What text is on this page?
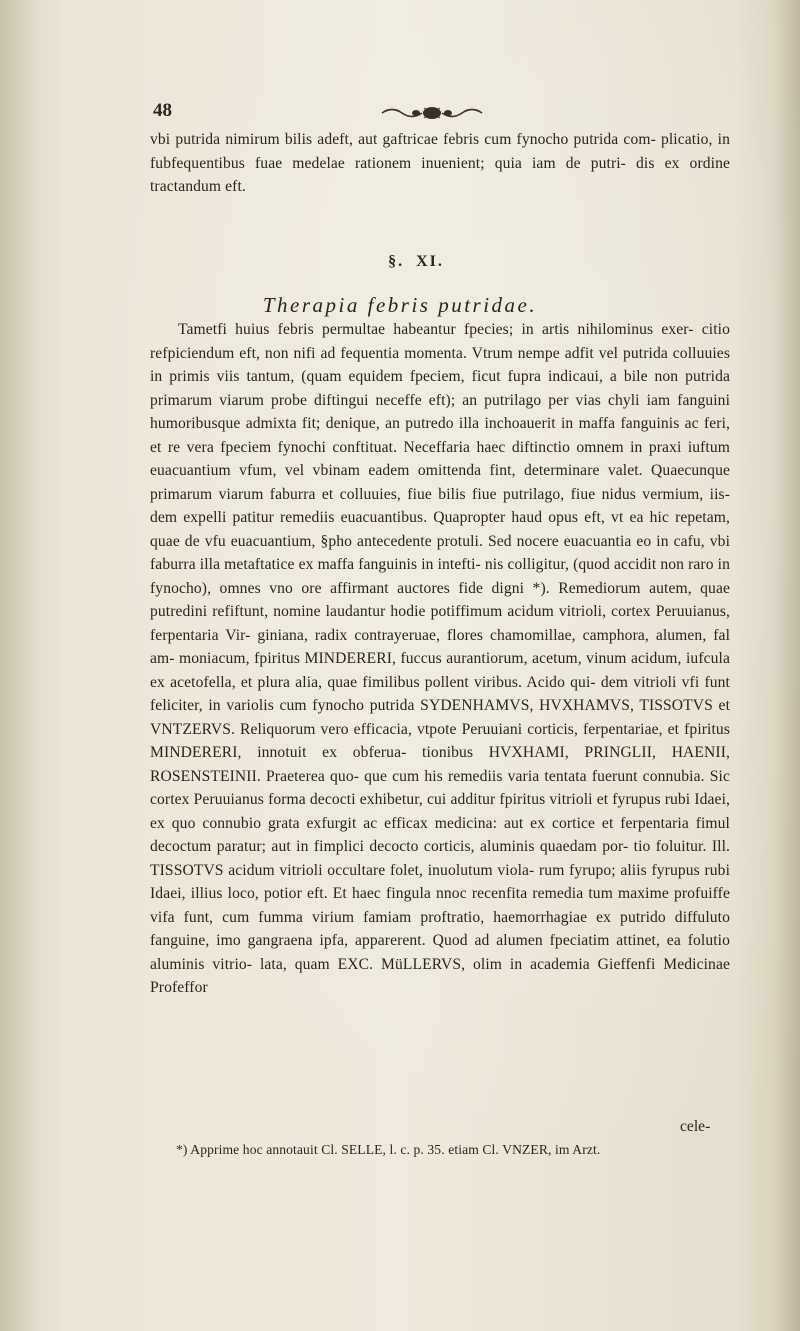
48
vbi putrida nimirum bilis adeft, aut gaftricae febris cum fynocho putrida com- plicatio, in fubfequentibus fuae medelae rationem inuenient; quia iam de putri- dis ex ordine tractandum eft.
§. XI.
Therapia febris putridae.
Tametfi huius febris permultae habeantur fpecies; in artis nihilominus exer- citio refpiciendum eft, non nifi ad fequentia momenta. Vtrum nempe adfit vel putrida colluuies in primis viis tantum, (quam equidem fpeciem, ficut fupra indicaui, a bile non putrida primarum viarum probe diftingui neceffe eft); an putrilago per vias chyli iam fanguini humoribusque admixta fit; denique, an putredo illa inchoauerit in maffa fanguinis ac feri, et re vera fpeciem fynochi conftituat. Neceffaria haec diftinctio omnem in praxi iuftum euacuantium vfum, vel vbinam eadem omittenda fint, determinare valet. Quaecunque primarum viarum faburra et colluuies, fiue bilis fiue putrilago, fiue nidus vermium, iis- dem expelli patitur remediis euacuantibus. Quapropter haud opus eft, vt ea hic repetam, quae de vfu euacuantium, §pho antecedente protuli. Sed nocere euacuantia eo in cafu, vbi faburra illa metaftatice ex maffa fanguinis in intefti- nis colligitur, (quod accidit non raro in fynocho), omnes vno ore affirmant auctores fide digni *). Remediorum autem, quae putredini refiftunt, nomine laudantur hodie potiffimum acidum vitrioli, cortex Peruuianus, ferpentaria Vir- giniana, radix contrayeruae, flores chamomillae, camphora, alumen, fal am- moniacum, fpiritus MINDERERI, fuccus aurantiorum, acetum, vinum acidum, iufcula ex acetofella, et plura alia, quae fimilibus pollent viribus. Acido qui- dem vitrioli vfi funt feliciter, in variolis cum fynocho putrida SYDENHAMVS, HVXHAMVS, TISSOTVS et VNTZERVS. Reliquorum vero efficacia, vtpote Peruuiani corticis, ferpentariae, et fpiritus MINDERERI, innotuit ex obferua- tionibus HVXHAMI, PRINGLII, HAENII, ROSENSTEINII. Praeterea quo- que cum his remediis varia tentata fuerunt connubia. Sic cortex Peruuianus forma decocti exhibetur, cui additur fpiritus vitrioli et fyrupus rubi Idaei, ex quo connubio grata exfurgit ac efficax medicina: aut ex cortice et ferpentaria fimul decoctum paratur; aut in fimplici decocto corticis, aluminis quaedam por- tio foluitur. Ill. TISSOTVS acidum vitrioli occultare folet, inuolutum viola- rum fyrupo; aliis fyrupus rubi Idaei, illius loco, potior eft. Et haec fingula nnoc recenfita remedia tum maxime profuiffe vifa funt, cum fumma virium famiam proftratio, haemorrhagiae ex putrido diffuluto fanguine, imo gangraena ipfa, apparerent. Quod ad alumen fpeciatim attinet, ea folutio aluminis vitrio- lata, quam EXC. MüLLERVS, olim in academia Gieffenfi Medicinae Profeffor
cele-
*) Apprime hoc annotauit Cl. SELLE, l. c. p. 35. etiam Cl. VNZER, im Arzt.
